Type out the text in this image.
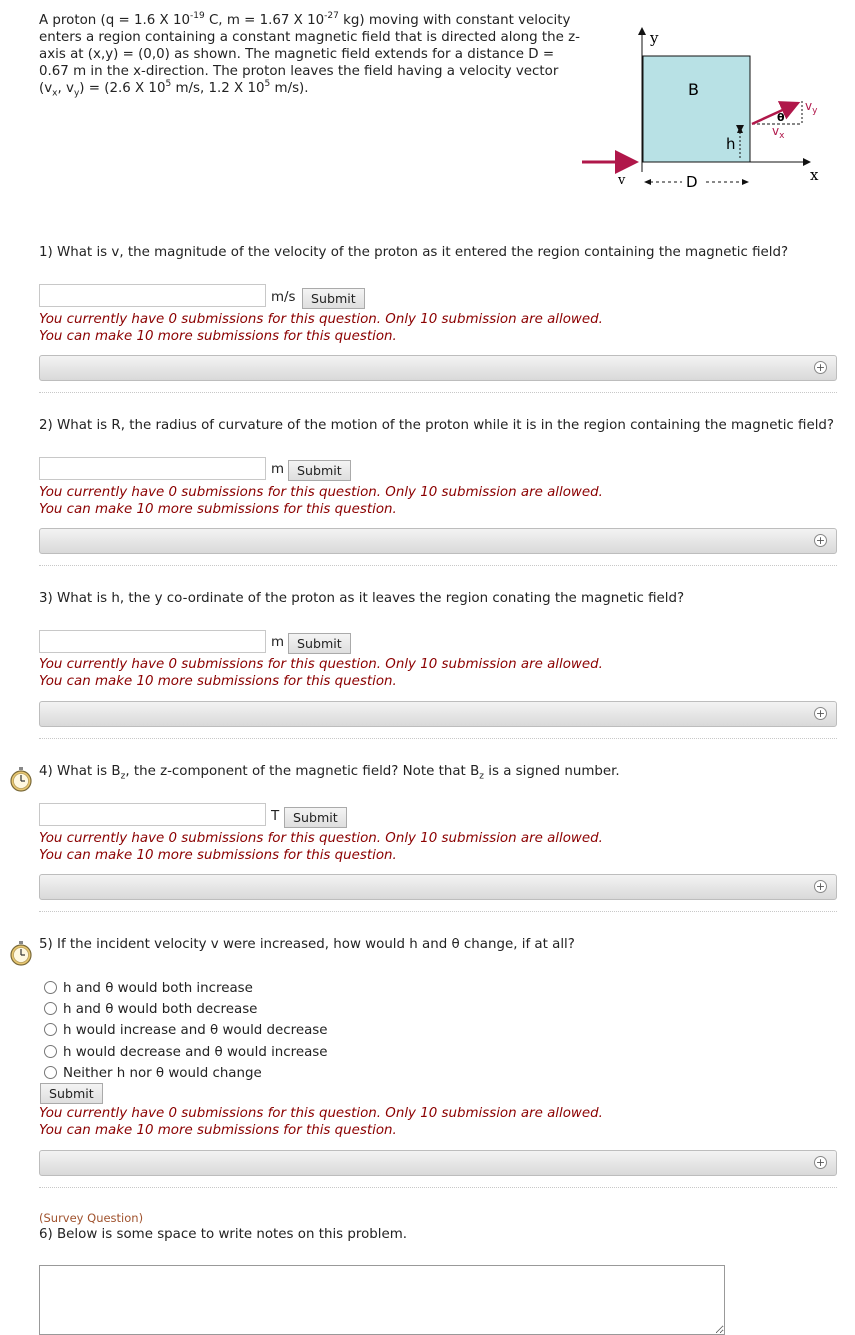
A proton (q = 1.6 X $10^{-19}$ C, m = 1.67 X $10^{-27}$ kg) moving with constant velocity enters a region containing a constant magnetic field that is directed along the z-axis at (x,y) = (0,0) as shown. The magnetic field extends for a distance D = 0.67 m in the x-direction. The proton leaves the field having a velocity vector ($v_x$, $v_y) = (2.6$ X $10^5$ m/s, 1.2 X $10^5$ m/s).
y
x
B
h
D
v
θ
$v_x$
$v_y$
1) What is v, the magnitude of the velocity of the proton as it entered the region containing the magnetic field?
m/s	Submit
You currently have 0 submissions for this question. Only 10 submission are allowed.
You can make 10 more submissions for this question.
+
2) What is R, the radius of curvature of the motion of the proton while it is in the region containing the magnetic field?
m	Submit
You currently have 0 submissions for this question. Only 10 submission are allowed.
You can make 10 more submissions for this question.
+
3) What is h, the y co-ordinate of the proton as it leaves the region conating the magnetic field?
m	Submit
You currently have 0 submissions for this question. Only 10 submission are allowed.
You can make 10 more submissions for this question.
+
4) What is $B_z$, the z-component of the magnetic field? Note that $B_z$ is a signed number.
T	Submit
You currently have 0 submissions for this question. Only 10 submission are allowed.
You can make 10 more submissions for this question.
+
5) If the incident velocity v were increased, how would h and θ change, if at all?
h and θ would both increase
h and θ would both decrease
h would increase and θ would decrease
h would decrease and θ would increase
Neither h nor θ would change
Submit
You currently have 0 submissions for this question. Only 10 submission are allowed.
You can make 10 more submissions for this question.
+
(Survey Question)
6) Below is some space to write notes on this problem.
